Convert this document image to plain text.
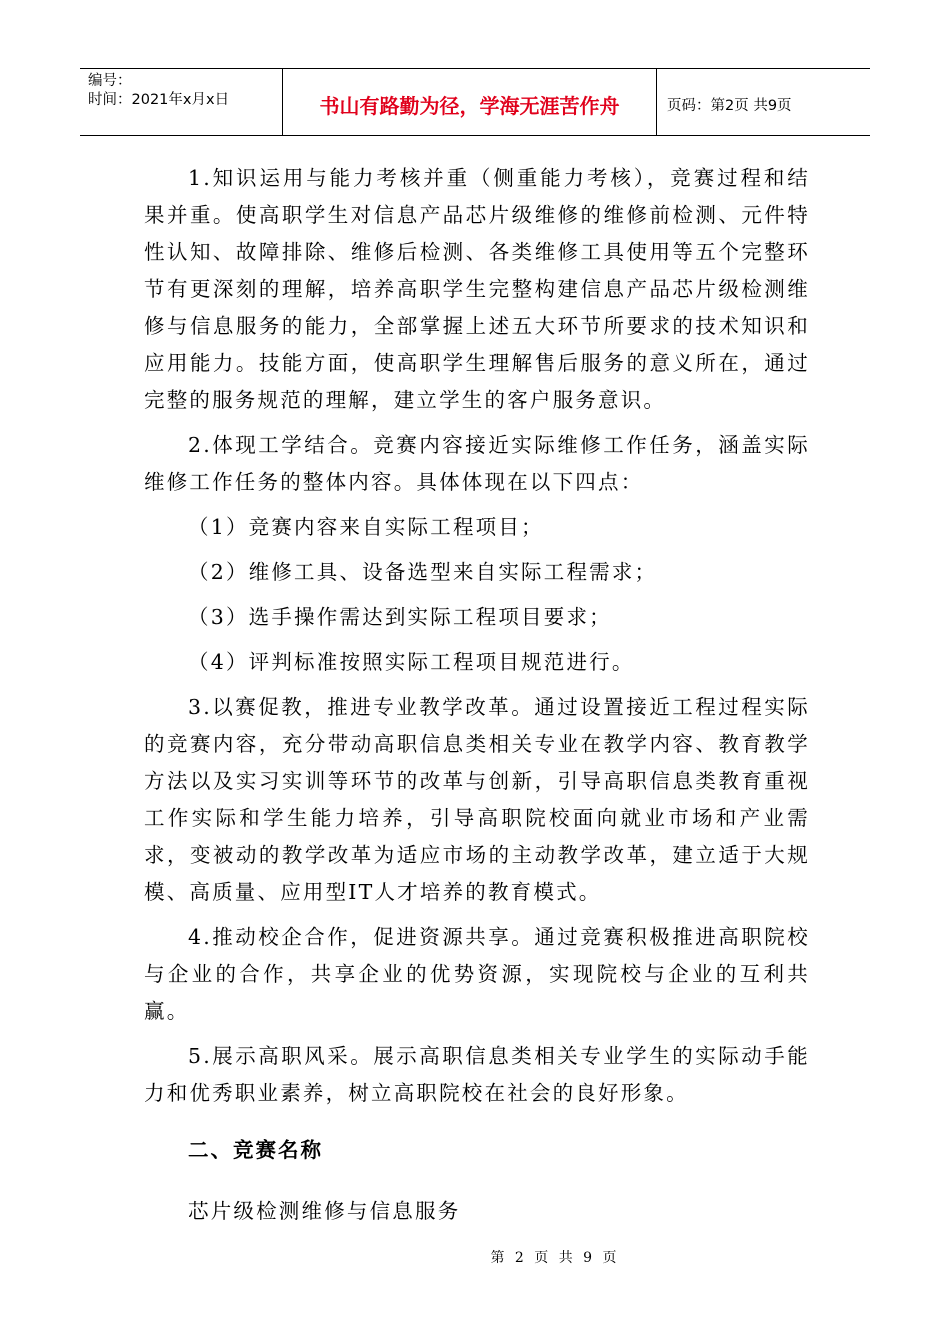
编号：
时间：2021年x月x日	书山有路勤为径，学海无涯苦作舟	页码：第2页 共9页

1.知识运用与能力考核并重（侧重能力考核），竞赛过程和结果并重。使高职学生对信息产品芯片级维修的维修前检测、元件特性认知、故障排除、维修后检测、各类维修工具使用等五个完整环节有更深刻的理解，培养高职学生完整构建信息产品芯片级检测维修与信息服务的能力，全部掌握上述五大环节所要求的技术知识和应用能力。技能方面，使高职学生理解售后服务的意义所在，通过完整的服务规范的理解，建立学生的客户服务意识。

2.体现工学结合。竞赛内容接近实际维修工作任务，涵盖实际维修工作任务的整体内容。具体体现在以下四点：

（1）竞赛内容来自实际工程项目；

（2）维修工具、设备选型来自实际工程需求；

（3）选手操作需达到实际工程项目要求；

（4）评判标准按照实际工程项目规范进行。

3.以赛促教，推进专业教学改革。通过设置接近工程过程实际的竞赛内容，充分带动高职信息类相关专业在教学内容、教育教学方法以及实习实训等环节的改革与创新，引导高职信息类教育重视工作实际和学生能力培养，引导高职院校面向就业市场和产业需求，变被动的教学改革为适应市场的主动教学改革，建立适于大规模、高质量、应用型IT人才培养的教育模式。

4.推动校企合作，促进资源共享。通过竞赛积极推进高职院校与企业的合作，共享企业的优势资源，实现院校与企业的互利共赢。

5.展示高职风采。展示高职信息类相关专业学生的实际动手能力和优秀职业素养，树立高职院校在社会的良好形象。

二、竞赛名称

芯片级检测维修与信息服务

第 2 页 共 9 页
